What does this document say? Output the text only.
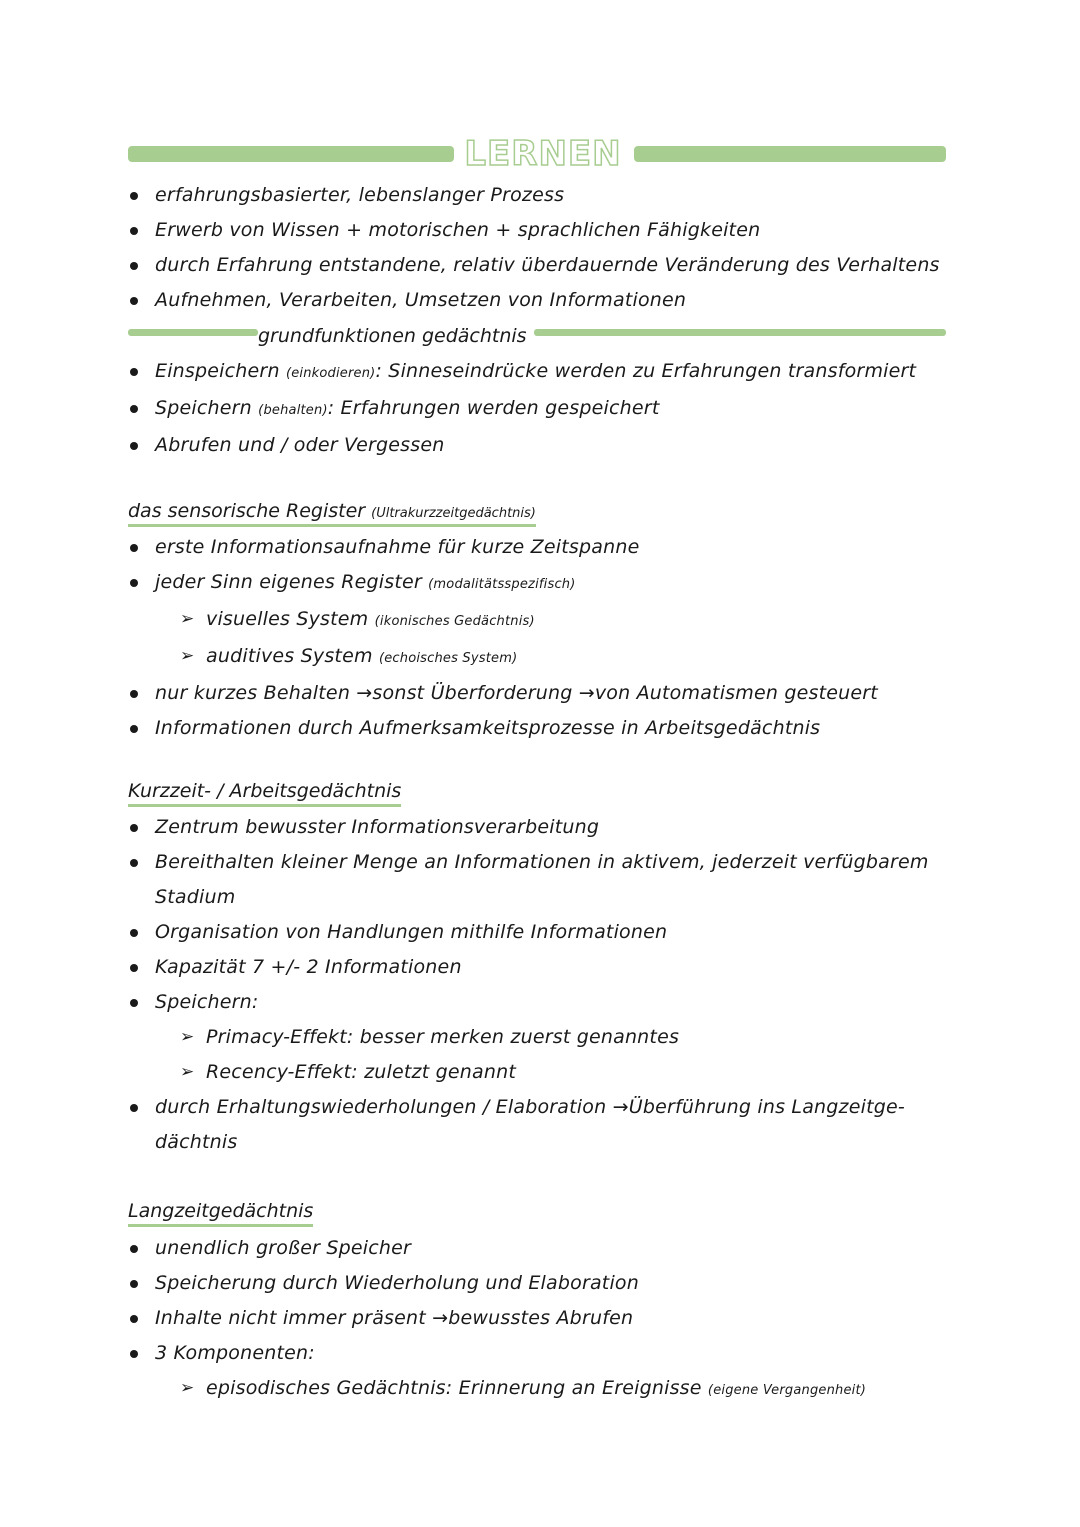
LERNEN
erfahrungsbasierter, lebenslanger Prozess
Erwerb von Wissen + motorischen + sprachlichen Fähigkeiten
durch Erfahrung entstandene, relativ überdauernde Veränderung des Verhaltens
Aufnehmen, Verarbeiten, Umsetzen von Informationen
grundfunktionen gedächtnis
Einspeichern (einkodieren): Sinneseindrücke werden zu Erfahrungen transformiert
Speichern (behalten): Erfahrungen werden gespeichert
Abrufen und / oder Vergessen
das sensorische Register (Ultrakurzzeitgedächtnis)
erste Informationsaufnahme für kurze Zeitspanne
jeder Sinn eigenes Register (modalitätsspezifisch)
➢ visuelles System (ikonisches Gedächtnis)
➢ auditives System (echoisches System)
nur kurzes Behalten →sonst Überforderung →von Automatismen gesteuert
Informationen durch Aufmerksamkeitsprozesse in Arbeitsgedächtnis
Kurzzeit- / Arbeitsgedächtnis
Zentrum bewusster Informationsverarbeitung
Bereithalten kleiner Menge an Informationen in aktivem, jederzeit verfügbarem
Stadium
Organisation von Handlungen mithilfe Informationen
Kapazität 7 +/- 2 Informationen
Speichern:
➢ Primacy-Effekt: besser merken zuerst genanntes
➢ Recency-Effekt: zuletzt genannt
durch Erhaltungswiederholungen / Elaboration →Überführung ins Langzeitge-
dächtnis
Langzeitgedächtnis
unendlich großer Speicher
Speicherung durch Wiederholung und Elaboration
Inhalte nicht immer präsent →bewusstes Abrufen
3 Komponenten:
➢ episodisches Gedächtnis: Erinnerung an Ereignisse (eigene Vergangenheit)
